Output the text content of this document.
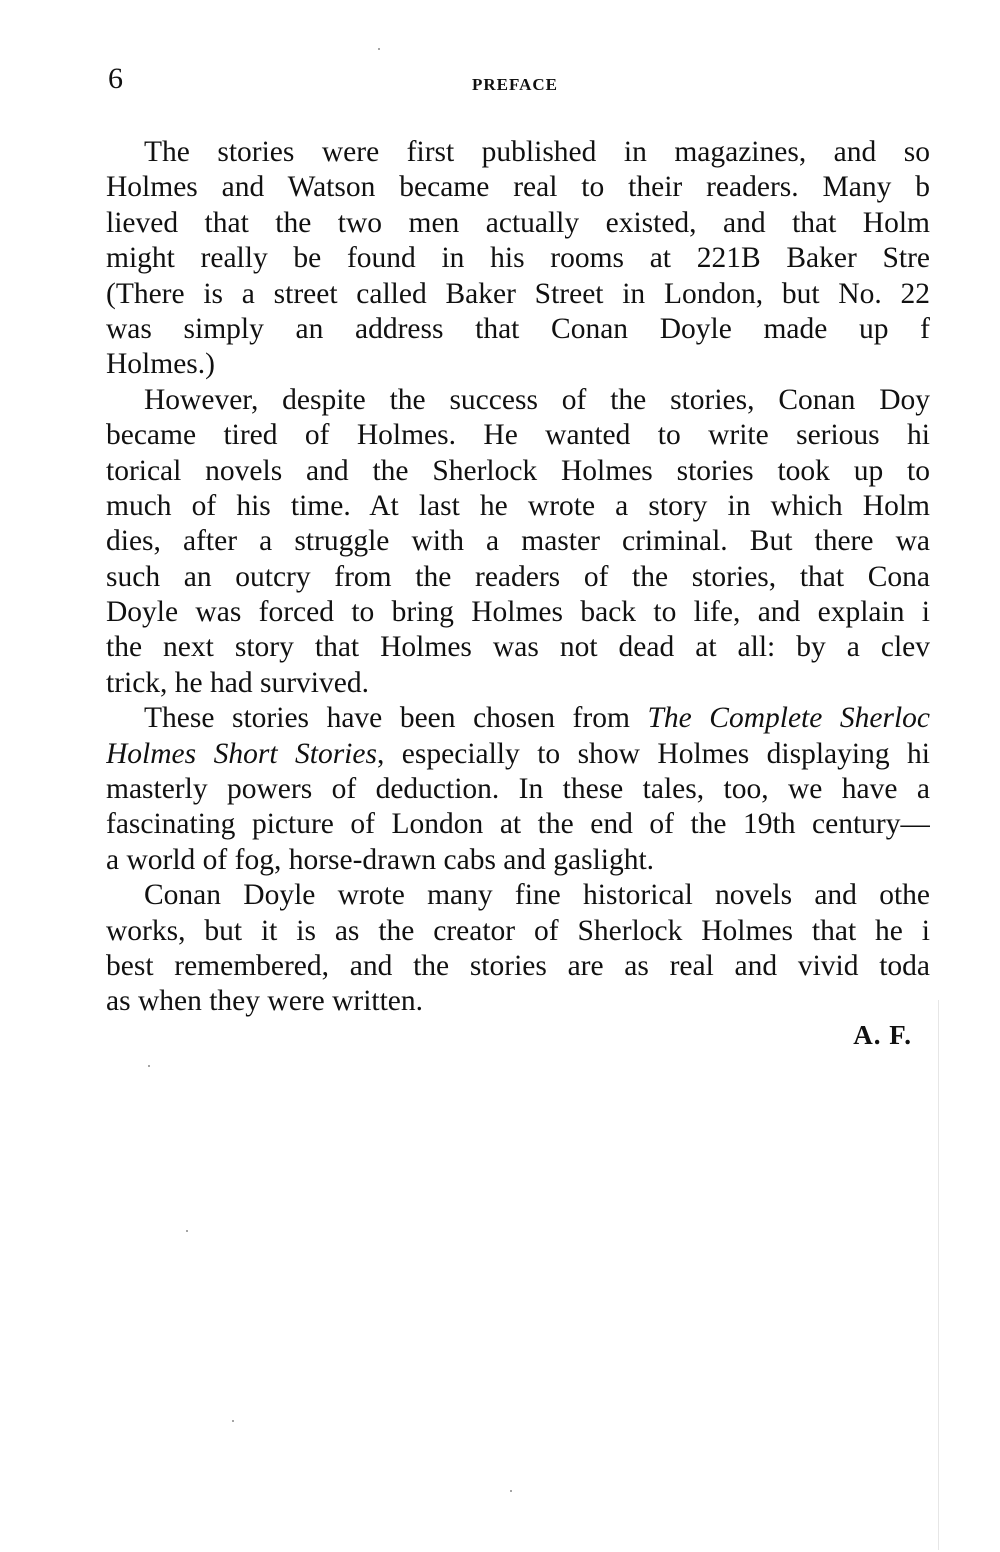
6	PREFACE
The stories were first published in magazines, and so
Holmes and Watson became real to their readers. Many b
lieved that the two men actually existed, and that Holm
might really be found in his rooms at 221B Baker Stre
(There is a street called Baker Street in London, but No. 22
was simply an address that Conan Doyle made up f
Holmes.)
However, despite the success of the stories, Conan Doy
became tired of Holmes. He wanted to write serious hi
torical novels and the Sherlock Holmes stories took up to
much of his time. At last he wrote a story in which Holm
dies, after a struggle with a master criminal. But there wa
such an outcry from the readers of the stories, that Cona
Doyle was forced to bring Holmes back to life, and explain i
the next story that Holmes was not dead at all: by a clev
trick, he had survived.
These stories have been chosen from The Complete Sherloc
Holmes Short Stories, especially to show Holmes displaying hi
masterly powers of deduction. In these tales, too, we have a
fascinating picture of London at the end of the 19th century—
a world of fog, horse-drawn cabs and gaslight.
Conan Doyle wrote many fine historical novels and othe
works, but it is as the creator of Sherlock Holmes that he i
best remembered, and the stories are as real and vivid toda
as when they were written.
A. F.
